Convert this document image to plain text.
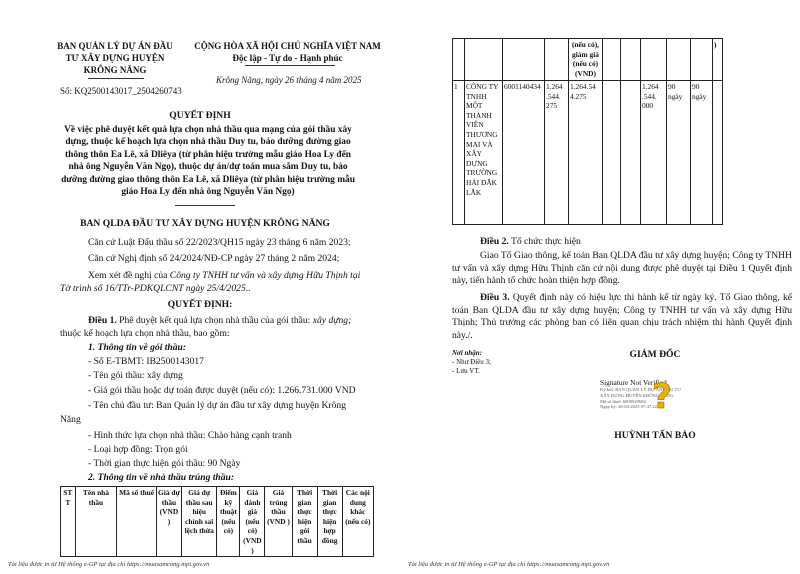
BAN QUẢN LÝ DỰ ÁN ĐẦU
TƯ XÂY DỰNG HUYỆN
KRÔNG NĂNG
CỘNG HÒA XÃ HỘI CHỦ NGHĨA VIỆT NAM
Độc lập - Tự do - Hạnh phúc
Krông Năng, ngày 26 tháng 4 năm 2025
Số: KQ2500143017_2504260743
QUYẾT ĐỊNH
Về việc phê duyệt kết quả lựa chọn nhà thầu qua mạng của gói thầu xây
dựng, thuộc kế hoạch lựa chọn nhà thầu Duy tu, bảo dưỡng đường giao
thông thôn Ea Lê, xã Dliêya (từ phân hiệu trường mẫu giáo Hoa Ly đến
nhà ông Nguyễn Văn Ngọ), thuộc dự án/dự toán mua sắm Duy tu, bảo
dưỡng đường giao thông thôn Ea Lê, xã Dliêya (từ phân hiệu trường mẫu
giáo Hoa Ly đến nhà ông Nguyễn Văn Ngọ)
BAN QLDA ĐẦU TƯ XÂY DỰNG HUYỆN KRÔNG NĂNG
Căn cứ Luật Đấu thầu số 22/2023/QH15 ngày 23 tháng 6 năm 2023;
Căn cứ Nghị định số 24/2024/NĐ-CP ngày 27 tháng 2 năm 2024;
Xem xét đề nghị của Công ty TNHH tư vấn và xây dựng Hữu Thịnh tại
Tờ trình số 16/TTr-PDKQLCNT ngày 25/4/2025..
QUYẾT ĐỊNH:
Điều 1. Phê duyệt kết quả lựa chọn nhà thầu của gói thầu: xây dựng;
thuộc kế hoạch lựa chọn nhà thầu, bao gồm:
1. Thông tin về gói thầu:
- Số E-TBMT: IB2500143017
- Tên gói thầu: xây dựng
- Giá gói thầu hoặc dự toán được duyệt (nếu có): 1.266.731.000 VND
- Tên chủ đầu tư: Ban Quản lý dự án đầu tư xây dựng huyện Krông
Năng
- Hình thức lựa chọn nhà thầu: Chào hàng cạnh tranh
- Loại hợp đồng: Trọn gói
- Thời gian thực hiện gói thầu: 90 Ngày
2. Thông tin về nhà thầu trúng thầu:
ST T	Tên nhà thầu	Mã số thuế	Giá dự thầu (VND )	Giá dự thầu sau hiệu chỉnh sai lệch thừa	Điểm kỹ thuật (nếu có)	Giá đánh giá (nếu có) (VND )	Giá trúng thầu (VND )	Thời gian thực hiện gói thầu	Thời gian thực hiện hợp đồng	Các nội dung khác (nếu có)
Tài liệu được in từ Hệ thống e-GP tại địa chỉ https://muasamcong.mpi.gov.vn
				(nếu có), giảm giá (nếu có) (VND)						)
1	CÔNG TY TNHH MỘT THÀNH VIÊN THƯƠNG MẠI VÀ XÂY DỰNG TRƯỜNG HẢI ĐẮK LẮK	6001140434	1.264 .544. 275	1.264.54 4.275			1.264 .544. 000	90 ngày	90 ngày	
Điều 2. Tổ chức thực hiện
Giao Tổ Giao thông, kế toán Ban QLDA đầu tư xây dựng huyện; Công ty TNHH tư vấn và xây dựng Hữu Thịnh căn cứ nội dung được phê duyệt tại Điều 1 Quyết định này, tiến hành tổ chức hoàn thiện hợp đồng.
Điều 3. Quyết định này có hiệu lực thi hành kể từ ngày ký. Tổ Giao thông, kế toán Ban QLDA đầu tư xây dựng huyện; Công ty TNHH tư vấn và xây dựng Hữu Thịnh; Thủ trưởng các phòng ban có liên quan chịu trách nhiệm thi hành Quyết định này./.
Nơi nhận:
- Như Điều 3;
- Lưu VT.
GIÁM ĐỐC
Signature Not Verified
Ký bởi: BAN QUẢN LÝ DỰ ÁN ĐẦU TƯ
XÂY DỰNG HUYỆN KRÔNG NĂNG
Mã số thuế: 6000929684
Ngày ký: 26-04-2025 07:47:22
?
HUỲNH TẤN BẢO
Tài liệu được in từ Hệ thống e-GP tại địa chỉ https://muasamcong.mpi.gov.vn
